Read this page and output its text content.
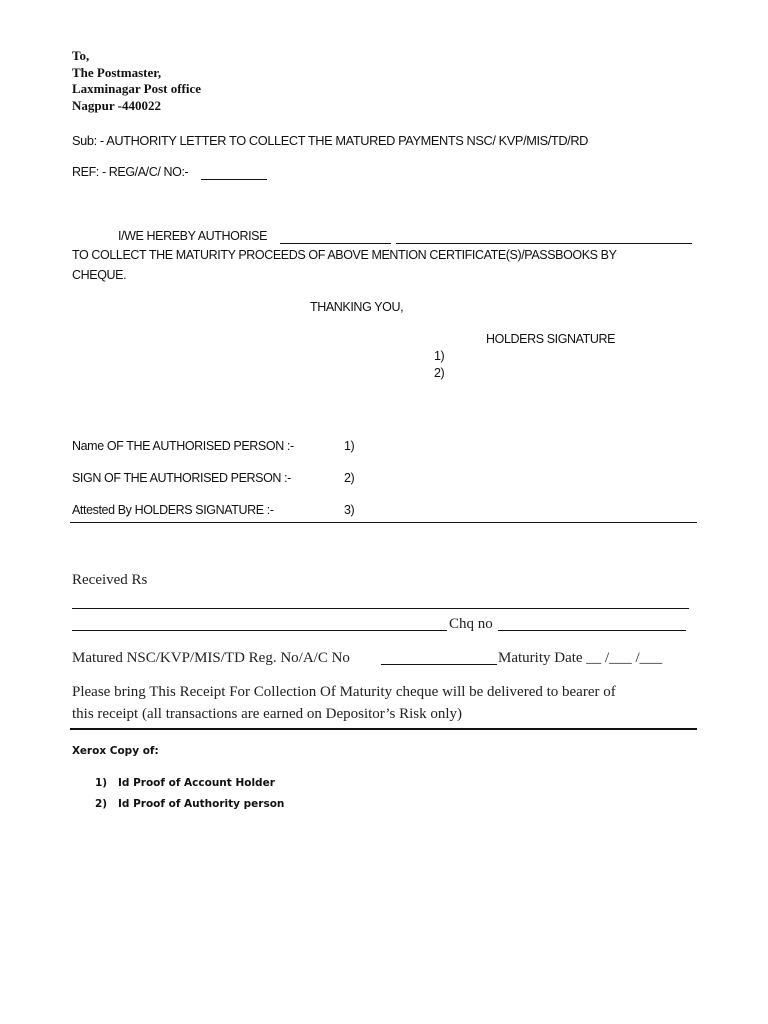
To,
The Postmaster,
Laxminagar Post office
Nagpur -440022
Sub: - AUTHORITY LETTER TO COLLECT THE MATURED PAYMENTS NSC/ KVP/MIS/TD/RD
REF: - REG/A/C/ NO:-
I/WE HEREBY AUTHORISE
TO COLLECT THE MATURITY PROCEEDS OF ABOVE MENTION CERTIFICATE(S)/PASSBOOKS BY
CHEQUE.
THANKING YOU,
HOLDERS SIGNATURE
1)
2)
Name OF THE AUTHORISED PERSON :-	1)
SIGN OF THE AUTHORISED PERSON :-	2)
Attested By HOLDERS SIGNATURE :-	3)
Received Rs
Chq no
Matured NSC/KVP/MIS/TD Reg. No/A/C No	Maturity Date __ /___ /___
Please bring This Receipt For Collection Of Maturity cheque will be delivered to bearer of
this receipt (all transactions are earned on Depositor’s Risk only)
Xerox Copy of:
1) Id Proof of Account Holder
2) Id Proof of Authority person
